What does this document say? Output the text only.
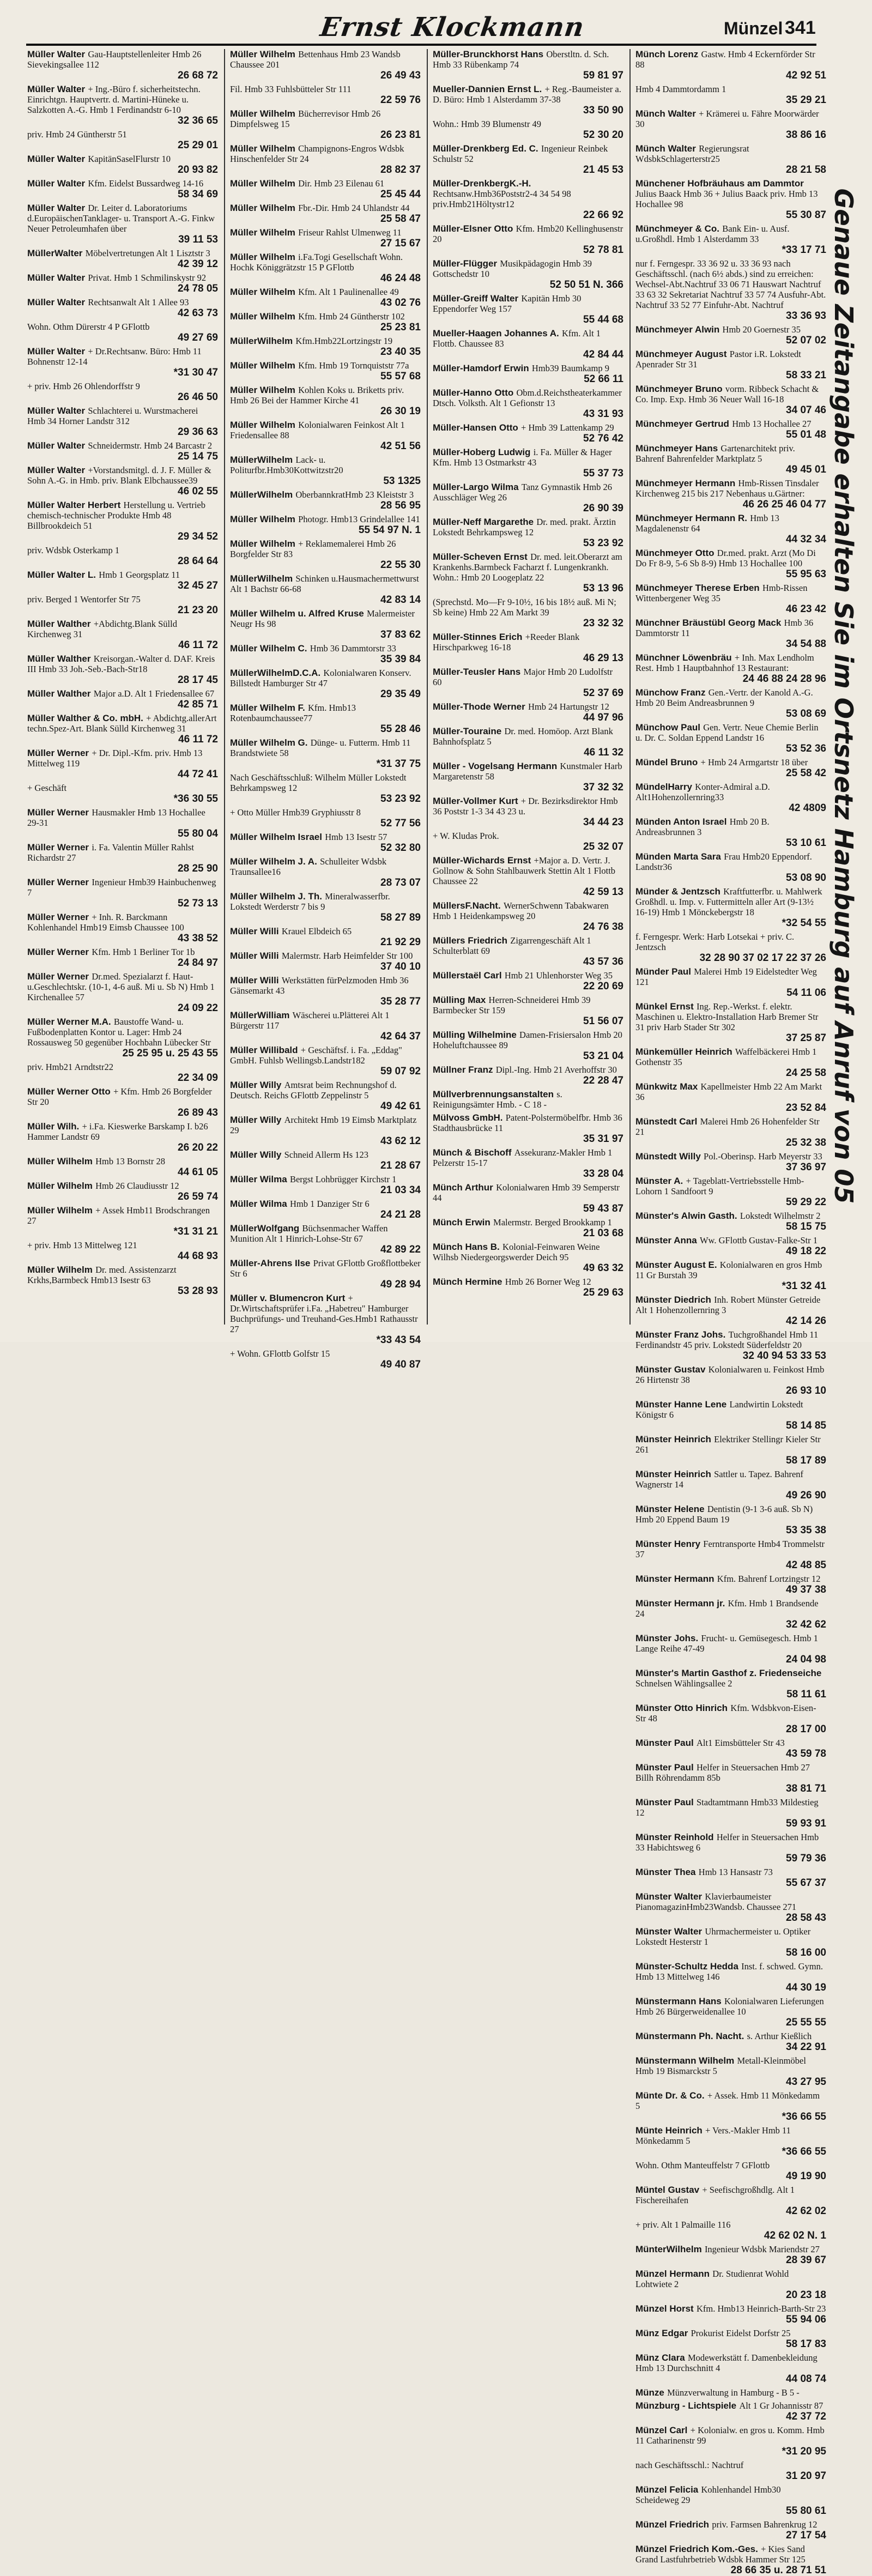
Ernst Klockmann	Münzel 341
Müller Walter Gau-Hauptstellenleiter Hmb 26 Sievekingsallee 112
26 68 72
Müller Walter + Ing.-Büro f. sicherheitstechn. Einrichtgn. Hauptvertr. d. Martini-Hüneke u. Salzkotten A.-G. Hmb 1 Ferdinandstr 6-10
32 36 65
priv. Hmb 24 Güntherstr 51
25 29 01
Müller Walter KapitänSaselFlurstr 10
20 93 82
Müller Walter Kfm. Eidelst Bussardweg 14-16
58 34 69
Müller Walter Dr. Leiter d. Laboratoriums d.EuropäischenTanklager- u. Transport A.-G. Finkw Neuer Petroleumhafen über
39 11 53
MüllerWalter Möbelvertretungen Alt 1 Lisztstr 3
42 39 12
Müller Walter Privat. Hmb 1 Schmilinskystr 92
24 78 05
Müller Walter Rechtsanwalt Alt 1 Allee 93
42 63 73
Wohn. Othm Dürerstr 4 P GFlottb
49 27 69
Müller Walter + Dr.Rechtsanw. Büro: Hmb 11 Bohnenstr 12-14
*31 30 47
+ priv. Hmb 26 Ohlendorffstr 9
26 46 50
Müller Walter Schlachterei u. Wurstmacherei Hmb 34 Horner Landstr 312
29 36 63
Müller Walter Schneidermstr. Hmb 24 Barcastr 2
25 14 75
Müller Walter +Vorstandsmitgl. d. J. F. Müller & Sohn A.-G. in Hmb. priv. Blank Elbchaussee39
46 02 55
Müller Walter Herbert Herstellung u. Vertrieb chemisch-technischer Produkte Hmb 48 Billbrookdeich 51
29 34 52
priv. Wdsbk Osterkamp 1
28 64 64
Müller Walter L. Hmb 1 Georgsplatz 11
32 45 27
priv. Berged 1 Wentorfer Str 75
21 23 20
Müller Walther +Abdichtg.Blank Sülld Kirchenweg 31
46 11 72
Müller Walther Kreisorgan.-Walter d. DAF. Kreis III Hmb 33 Joh.-Seb.-Bach-Str18
28 17 45
Müller Walther Major a.D. Alt 1 Friedensallee 67
42 85 71
Müller Walther & Co. mbH. + Abdichtg.allerArt techn.Spez-Art. Blank Sülld Kirchenweg 31
46 11 72
Müller Werner + Dr. Dipl.-Kfm. priv. Hmb 13 Mittelweg 119
44 72 41
+ Geschäft
*36 30 55
Müller Werner Hausmakler Hmb 13 Hochallee 29-31
55 80 04
Müller Werner i. Fa. Valentin Müller Rahlst Richardstr 27
28 25 90
Müller Werner Ingenieur Hmb39 Hainbuchenweg 7
52 73 13
Müller Werner + Inh. R. Barckmann Kohlenhandel Hmb19 Eimsb Chaussee 100
43 38 52
Müller Werner Kfm. Hmb 1 Berliner Tor 1b
24 84 97
Müller Werner Dr.med. Spezialarzt f. Haut- u.Geschlechtskr. (10-1, 4-6 auß. Mi u. Sb N) Hmb 1 Kirchenallee 57
24 09 22
Müller Werner M.A. Baustoffe Wand- u. Fußbodenplatten Kontor u. Lager: Hmb 24 Rossausweg 50 gegenüber Hochbahn Lübecker Str
25 25 95 u. 25 43 55
priv. Hmb21 Arndtstr22
22 34 09
Müller Werner Otto + Kfm. Hmb 26 Borgfelder Str 20
26 89 43
Müller Wilh. + i.Fa. Kieswerke Barskamp I. b26 Hammer Landstr 69
26 20 22
Müller Wilhelm Hmb 13 Bornstr 28
44 61 05
Müller Wilhelm Hmb 26 Claudiusstr 12
26 59 74
Müller Wilhelm + Assek Hmb11 Brodschrangen 27
*31 31 21
+ priv. Hmb 13 Mittelweg 121
44 68 93
Müller Wilhelm Dr. med. Assistenzarzt Krkhs,Barmbeck Hmb13 Isestr 63
53 28 93
Müller Wilhelm Bettenhaus Hmb 23 Wandsb Chaussee 201
26 49 43
Fil. Hmb 33 Fuhlsbütteler Str 111
22 59 76
Müller Wilhelm Bücherrevisor Hmb 26 Dimpfelsweg 15
26 23 81
Müller Wilhelm Champignons-Engros Wdsbk Hinschenfelder Str 24
28 82 37
Müller Wilhelm Dir. Hmb 23 Eilenau 61
25 45 44
Müller Wilhelm Fbr.-Dir. Hmb 24 Uhlandstr 44
25 58 47
Müller Wilhelm Friseur Rahlst Ulmenweg 11
27 15 67
Müller Wilhelm i.Fa.Togi Gesellschaft Wohn. Hochk Königgrätzstr 15 P GFlottb
46 24 48
Müller Wilhelm Kfm. Alt 1 Paulinenallee 49
43 02 76
Müller Wilhelm Kfm. Hmb 24 Güntherstr 102
25 23 81
MüllerWilhelm Kfm.Hmb22Lortzingstr 19
23 40 35
Müller Wilhelm Kfm. Hmb 19 Tornquiststr 77a
55 57 68
Müller Wilhelm Kohlen Koks u. Briketts priv. Hmb 26 Bei der Hammer Kirche 41
26 30 19
Müller Wilhelm Kolonialwaren Feinkost Alt 1 Friedensallee 88
42 51 56
MüllerWilhelm Lack- u. Politurfbr.Hmb30Kottwitzstr20
53 1325
MüllerWilhelm OberbannkratHmb 23 Kleiststr 3
28 56 95
Müller Wilhelm Photogr. Hmb13 Grindelallee 141
55 54 97 N. 1
Müller Wilhelm + Reklamemalerei Hmb 26 Borgfelder Str 83
22 55 30
MüllerWilhelm Schinken u.Hausmachermettwurst Alt 1 Bachstr 66-68
42 83 14
Müller Wilhelm u. Alfred Kruse Malermeister Neugr Hs 98
37 83 62
Müller Wilhelm C. Hmb 36 Dammtorstr 33
35 39 84
MüllerWilhelmD.C.A. Kolonialwaren Konserv. Billstedt Hamburger Str 47
29 35 49
Müller Wilhelm F. Kfm. Hmb13 Rotenbaumchaussee77
55 28 46
Müller Wilhelm G. Dünge- u. Futterm. Hmb 11 Brandstwiete 58
*31 37 75
Nach Geschäftsschluß: Wilhelm Müller Lokstedt Behrkampsweg 12
53 23 92
+ Otto Müller Hmb39 Gryphiusstr 8
52 77 56
Müller Wilhelm Israel Hmb 13 Isestr 57
52 32 80
Müller Wilhelm J. A. Schulleiter Wdsbk Traunsallee16
28 73 07
Müller Wilhelm J. Th. Mineralwasserfbr. Lokstedt Werderstr 7 bis 9
58 27 89
Müller Willi Krauel Elbdeich 65
21 92 29
Müller Willi Malermstr. Harb Heimfelder Str 100
37 40 10
Müller Willi Werkstätten fürPelzmoden Hmb 36 Gänsemarkt 43
35 28 77
MüllerWilliam Wäscherei u.Plätterei Alt 1 Bürgerstr 117
42 64 37
Müller Willibald + Geschäftsf. i. Fa. „Eddag" GmbH. Fuhlsb Wellingsb.Landstr182
59 07 92
Müller Willy Amtsrat beim Rechnungshof d. Deutsch. Reichs GFlottb Zeppelinstr 5
49 42 61
Müller Willy Architekt Hmb 19 Eimsb Marktplatz 29
43 62 12
Müller Willy Schneid Allerm Hs 123
21 28 67
Müller Wilma Bergst Lohbrügger Kirchstr 1
21 03 34
Müller Wilma Hmb 1 Danziger Str 6
24 21 28
MüllerWolfgang Büchsenmacher Waffen Munition Alt 1 Hinrich-Lohse-Str 67
42 89 22
Müller-Ahrens Ilse Privat GFlottb Großflottbeker Str 6
49 28 94
Müller v. Blumencron Kurt + Dr.Wirtschaftsprüfer i.Fa. „Habetreu" Hamburger Buchprüfungs- und Treuhand-Ges.Hmb1 Rathausstr 27
*33 43 54
+ Wohn. GFlottb Golfstr 15
49 40 87
Müller-Brunckhorst Hans Oberstltn. d. Sch. Hmb 33 Rübenkamp 74
59 81 97
Mueller-Dannien Ernst L. + Reg.-Baumeister a. D. Büro: Hmb 1 Alsterdamm 37-38
33 50 90
Wohn.: Hmb 39 Blumenstr 49
52 30 20
Müller-Drenkberg Ed. C. Ingenieur Reinbek Schulstr 52
21 45 53
Müller-DrenkbergK.-H. Rechtsanw.Hmb36Poststr2-4 34 54 98 priv.Hmb21Höltystr12
22 66 92
Müller-Elsner Otto Kfm. Hmb20 Kellinghusenstr 20
52 78 81
Müller-Flügger Musikpädagogin Hmb 39 Gottschedstr 10
52 50 51 N. 366
Müller-Greiff Walter Kapitän Hmb 30 Eppendorfer Weg 157
55 44 68
Mueller-Haagen Johannes A. Kfm. Alt 1 Flottb. Chaussee 83
42 84 44
Müller-Hamdorf Erwin Hmb39 Baumkamp 9
52 66 11
Müller-Hanno Otto Obm.d.Reichstheaterkammer Dtsch. Volksth. Alt 1 Gefionstr 13
43 31 93
Müller-Hansen Otto + Hmb 39 Lattenkamp 29
52 76 42
Müller-Hoberg Ludwig i. Fa. Müller & Hager Kfm. Hmb 13 Ostmarkstr 43
55 37 73
Müller-Largo Wilma Tanz Gymnastik Hmb 26 Ausschläger Weg 26
26 90 39
Müller-Neff Margarethe Dr. med. prakt. Ärztin Lokstedt Behrkampsweg 12
53 23 92
Müller-Scheven Ernst Dr. med. leit.Oberarzt am Krankenhs.Barmbeck Facharzt f. Lungenkrankh. Wohn.: Hmb 20 Loogeplatz 22
53 13 96
(Sprechstd. Mo—Fr 9-10½, 16 bis 18½ auß. Mi N; Sb keine) Hmb 22 Am Markt 39
23 32 32
Müller-Stinnes Erich +Reeder Blank Hirschparkweg 16-18
46 29 13
Müller-Teusler Hans Major Hmb 20 Ludolfstr 60
52 37 69
Müller-Thode Werner Hmb 24 Hartungstr 12
44 97 96
Müller-Touraine Dr. med. Homöop. Arzt Blank Bahnhofsplatz 5
46 11 32
Müller - Vogelsang Hermann Kunstmaler Harb Margaretenstr 58
37 32 32
Müller-Vollmer Kurt + Dr. Bezirksdirektor Hmb 36 Poststr 1-3 34 43 23 u.
34 44 23
+ W. Kludas Prok.
25 32 07
Müller-Wichards Ernst +Major a. D. Vertr. J. Gollnow & Sohn Stahlbauwerk Stettin Alt 1 Flottb Chaussee 22
42 59 13
MüllersF.Nacht. WernerSchwenn Tabakwaren Hmb 1 Heidenkampsweg 20
24 76 38
Müllers Friedrich Zigarrengeschäft Alt 1 Schulterblatt 69
43 57 36
Müllerstaël Carl Hmb 21 Uhlenhorster Weg 35
22 20 69
Mülling Max Herren-Schneiderei Hmb 39 Barmbecker Str 159
51 56 07
Mülling Wilhelmine Damen-Frisiersalon Hmb 20 Hoheluftchaussee 89
53 21 04
Müllner Franz Dipl.-Ing. Hmb 21 Averhoffstr 30
22 28 47
Müllverbrennungsanstalten s. Reinigungsämter Hmb. - C 18 -
Mülvoss GmbH. Patent-Polstermöbelfbr. Hmb 36 Stadthausbrücke 11
35 31 97
Münch & Bischoff Assekuranz-Makler Hmb 1 Pelzerstr 15-17
33 28 04
Münch Arthur Kolonialwaren Hmb 39 Semperstr 44
59 43 87
Münch Erwin Malermstr. Berged Brookkamp 1
21 03 68
Münch Hans B. Kolonial-Feinwaren Weine Wilhsb Niedergeorgswerder Deich 95
49 63 32
Münch Hermine Hmb 26 Borner Weg 12
25 29 63
Münch Lorenz Gastw. Hmb 4 Eckernförder Str 88
42 92 51
Hmb 4 Dammtordamm 1
35 29 21
Münch Walter + Krämerei u. Fähre Moorwärder 30
38 86 16
Münch Walter Regierungsrat WdsbkSchlagerterstr25
28 21 58
Münchener Hofbräuhaus am Dammtor Julius Baack Hmb 36 + Julius Baack priv. Hmb 13 Hochallee 98
55 30 87
Münchmeyer & Co. Bank Ein- u. Ausf. u.Großhdl. Hmb 1 Alsterdamm 33
*33 17 71
nur f. Ferngespr. 33 36 92 u. 33 36 93 nach Geschäftsschl. (nach 6½ abds.) sind zu erreichen: Wechsel-Abt.Nachtruf 33 06 71 Hauswart Nachtruf 33 63 32 Sekretariat Nachtruf 33 57 74 Ausfuhr-Abt. Nachtruf 33 52 77 Einfuhr-Abt. Nachtruf
33 36 93
Münchmeyer Alwin Hmb 20 Goernestr 35
52 07 02
Münchmeyer August Pastor i.R. Lokstedt Apenrader Str 31
58 33 21
Münchmeyer Bruno vorm. Ribbeck Schacht & Co. Imp. Exp. Hmb 36 Neuer Wall 16-18
34 07 46
Münchmeyer Gertrud Hmb 13 Hochallee 27
55 01 48
Münchmeyer Hans Gartenarchitekt priv. Bahrenf Bahrenfelder Marktplatz 5
49 45 01
Münchmeyer Hermann Hmb-Rissen Tinsdaler Kirchenweg 215 bis 217 Nebenhaus u.Gärtner:
46 26 25 46 04 77
Münchmeyer Hermann R. Hmb 13 Magdalenenstr 64
44 32 34
Münchmeyer Otto Dr.med. prakt. Arzt (Mo Di Do Fr 8-9, 5-6 Sb 8-9) Hmb 13 Hochallee 100
55 95 63
Münchmeyer Therese Erben Hmb-Rissen Wittenbergener Weg 35
46 23 42
Münchner Bräustübl Georg Mack Hmb 36 Dammtorstr 11
34 54 88
Münchner Löwenbräu + Inh. Max Lendholm Rest. Hmb 1 Hauptbahnhof 13 Restaurant:
24 46 88 24 28 96
Münchow Franz Gen.-Vertr. der Kanold A.-G. Hmb 20 Beim Andreasbrunnen 9
53 08 69
Münchow Paul Gen. Vertr. Neue Chemie Berlin u. Dr. C. Soldan Eppend Landstr 16
53 52 36
Mündel Bruno + Hmb 24 Armgartstr 18 über
25 58 42
MündelHarry Konter-Admiral a.D. Alt1Hohenzollernring33
42 4809
Münden Anton Israel Hmb 20 B. Andreasbrunnen 3
53 10 61
Münden Marta Sara Frau Hmb20 Eppendorf. Landstr36
53 08 90
Münder & Jentzsch Kraftfutterfbr. u. Mahlwerk Großhdl. u. Imp. v. Futtermitteln aller Art (9-13½ 16-19) Hmb 1 Mönckebergstr 18
*32 54 55
f. Ferngespr. Werk: Harb Lotsekai + priv. C. Jentzsch
32 28 90 37 02 17 22 37 26
Münder Paul Malerei Hmb 19 Eidelstedter Weg 121
54 11 06
Münkel Ernst Ing. Rep.-Werkst. f. elektr. Maschinen u. Elektro-Installation Harb Bremer Str 31 priv Harb Stader Str 302
37 25 87
Münkemüller Heinrich Waffelbäckerei Hmb 1 Gothenstr 35
24 25 58
Münkwitz Max Kapellmeister Hmb 22 Am Markt 36
23 52 84
Münstedt Carl Malerei Hmb 26 Hohenfelder Str 21
25 32 38
Münstedt Willy Pol.-Oberinsp. Harb Meyerstr 33
37 36 97
Münster A. + Tageblatt-Vertriebsstelle Hmb-Lohorn 1 Sandfoort 9
59 29 22
Münster's Alwin Gasth. Lokstedt Wilhelmstr 2
58 15 75
Münster Anna Ww. GFlottb Gustav-Falke-Str 1
49 18 22
Münster August E. Kolonialwaren en gros Hmb 11 Gr Burstah 39
*31 32 41
Münster Diedrich Inh. Robert Münster Getreide Alt 1 Hohenzollernring 3
42 14 26
Münster Franz Johs. Tuchgroßhandel Hmb 11 Ferdinandstr 45 priv. Lokstedt Süderfeldstr 20
32 40 94 53 33 53
Münster Gustav Kolonialwaren u. Feinkost Hmb 26 Hirtenstr 38
26 93 10
Münster Hanne Lene Landwirtin Lokstedt Königstr 6
58 14 85
Münster Heinrich Elektriker Stellingr Kieler Str 261
58 17 89
Münster Heinrich Sattler u. Tapez. Bahrenf Wagnerstr 14
49 26 90
Münster Helene Dentistin (9-1 3-6 auß. Sb N) Hmb 20 Eppend Baum 19
53 35 38
Münster Henry Ferntransporte Hmb4 Trommelstr 37
42 48 85
Münster Hermann Kfm. Bahrenf Lortzingstr 12
49 37 38
Münster Hermann jr. Kfm. Hmb 1 Brandsende 24
32 42 62
Münster Johs. Frucht- u. Gemüsegesch. Hmb 1 Lange Reihe 47-49
24 04 98
Münster's Martin Gasthof z. Friedenseiche Schnelsen Wählingsallee 2
58 11 61
Münster Otto Hinrich Kfm. Wdsbkvon-Eisen-Str 48
28 17 00
Münster Paul Alt1 Eimsbütteler Str 43
43 59 78
Münster Paul Helfer in Steuersachen Hmb 27 Billh Röhrendamm 85b
38 81 71
Münster Paul Stadtamtmann Hmb33 Mildestieg 12
59 93 91
Münster Reinhold Helfer in Steuersachen Hmb 33 Habichtsweg 6
59 79 36
Münster Thea Hmb 13 Hansastr 73
55 67 37
Münster Walter Klavierbaumeister PianomagazinHmb23Wandsb. Chaussee 271
28 58 43
Münster Walter Uhrmachermeister u. Optiker Lokstedt Hesterstr 1
58 16 00
Münster-Schultz Hedda Inst. f. schwed. Gymn. Hmb 13 Mittelweg 146
44 30 19
Münstermann Hans Kolonialwaren Lieferungen Hmb 26 Bürgerweidenallee 10
25 55 55
Münstermann Ph. Nacht. s. Arthur Kießlich
34 22 91
Münstermann Wilhelm Metall-Kleinmöbel Hmb 19 Bismarckstr 5
43 27 95
Münte Dr. & Co. + Assek. Hmb 11 Mönkedamm 5
*36 66 55
Münte Heinrich + Vers.-Makler Hmb 11 Mönkedamm 5
*36 66 55
Wohn. Othm Manteuffelstr 7 GFlottb
49 19 90
Müntel Gustav + Seefischgroßhdlg. Alt 1 Fischereihafen
42 62 02
+ priv. Alt 1 Palmaille 116
42 62 02 N. 1
MünterWilhelm Ingenieur Wdsbk Mariendstr 27
28 39 67
Münzel Hermann Dr. Studienrat Wohld Lohtwiete 2
20 23 18
Münzel Horst Kfm. Hmb13 Heinrich-Barth-Str 23
55 94 06
Münz Edgar Prokurist Eidelst Dorfstr 25
58 17 83
Münz Clara Modewerkstätt f. Damenbekleidung Hmb 13 Durchschnitt 4
44 08 74
Münze Münzverwaltung in Hamburg - B 5 -
Münzburg - Lichtspiele Alt 1 Gr Johannisstr 87
42 37 72
Münzel Carl + Kolonialw. en gros u. Komm. Hmb 11 Catharinenstr 99
*31 20 95
nach Geschäftsschl.: Nachtruf
31 20 97
Münzel Felicia Kohlenhandel Hmb30 Scheideweg 29
55 80 61
Münzel Friedrich priv. Farmsen Bahrenkrug 12
27 17 54
Münzel Friedrich Kom.-Ges. + Kies Sand Grand Lastfuhrbetrieb Wdsbk Hammer Str 125
28 66 35 u. 28 71 51
Genaue Zeitangabe erhalten Sie im Ortsnetz Hamburg auf Anruf von 05
